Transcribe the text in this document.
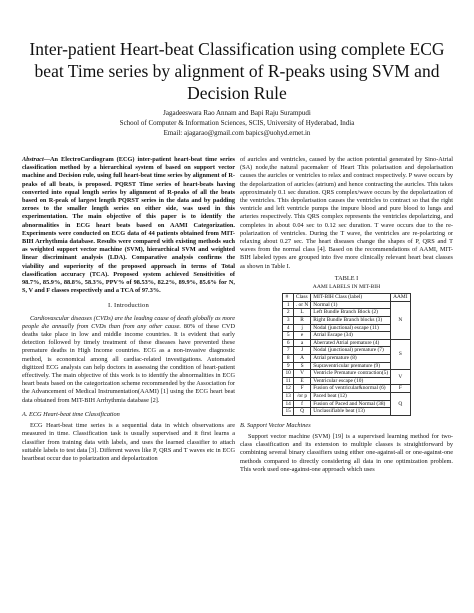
Inter-patient Heart-beat Classification using complete ECG beat Time series by alignment of R-peaks using SVM and Decision Rule
Jagadeeswara Rao Annam and Bapi Raju Surampudi
School of Computer & Information Sciences, SCIS, University of Hyderabad, India
Email: ajagarao@gmail.com bapics@uohyd.ernet.in

Abstract—An ElectroCardiogram (ECG) inter-patient heart-beat time series classification method by a hierarchical system of based on support vector machine and Decision rule, using full heart-beat time series by alignment of R-peaks of all beats, is proposed. PQRST Time series of heart-beats having converted into equal length series by alignment of R-peaks of all the beats based on R-peak of largest length PQRST series in the data and by padding zeroes to the smaller length series on either side, was used in this experimentation. The main objective of this paper is to identify the abnormalities in ECG heart beats based on AAMI Categorization. Experiments were conducted on ECG data of 44 patients obtained from MIT-BIH Arrhythmia database. Results were compared with existing methods such as weighted support vector machine (SVM), hierarchical SVM and weighted linear discriminant analysis (LDA). Comparative analysis confirms the viability and superiority of the proposed approach in terms of Total classification accuracy (TCA). Proposed system achieved Sensitivities of 98.7%, 85.9%, 88.8%, 58.3%, PPV% of 98.53%, 82.2%, 89.9%, 85.6% for N, S, V and F classes respectively and a TCA of 97.3%.

I. Introduction

Cardiovascular diseases (CVDs) are the leading cause of death globally as more people die annually from CVDs than from any other cause. 80% of these CVD deaths take place in low and middle income countries. It is evident that early detection followed by timely treatment of these diseases have prevented these premature deaths in High Income countries. ECG as a non-invasive diagnostic method, is economical among all cardiac-related investigations. Automated digitized ECG analysis can help doctors in assessing the condition of heart-patient effectively. The main objective of this work is to identify the abnormalities in ECG heart beats based on the categorization scheme recommended by the Association for the Advancement of Medical Instrumentation(AAMI) [1] using the ECG heart beat data obtained from MIT-BIH Arrhythmia database [2].

A. ECG Heart-beat time Classification

ECG Heart-beat time series is a sequential data in which observations are measured in time. Classification task is usually supervised and it first learns a classifier from training data with labels, and uses the learned classifier to attach suitable labels to test data [3]. Different waves like P, QRS and T waves etc in ECG heartbeat occur due to polarization and depolarization

of auricles and ventricles, caused by the action potential generated by Sino-Atrial (SA) node,the natural pacemaker of Heart This polarisation and depolarisation causes the auricles or ventricles to relax and contract respectively. P wave occurs by the depolarization of auricles (atrium) and hence contracting the auricles. This takes approximately 0.1 sec duration. QRS complex/wave occurs by the depolarization of the ventricles. This depolarisation causes the ventricles to contract so that the right ventricle and left ventricle pumps the impure blood and pure blood to lungs and arteries respectively. This QRS complex represents the ventricles depolarizing, and completes in about 0.04 sec to 0.12 sec duration. T wave occurs due to the re-polarization of ventricles. During the T wave, the ventricles are re-polarizing or relaxing about 0.27 sec. The heart diseases change the shapes of P, QRS and T waves from the normal class [4]. Based on the recommendations of AAMI, MIT-BIH labeled types are grouped into five more clinically relevant heart beat classes as shown in Table I.

TABLE I

AAMI LABELS IN MIT-BIH

#	Class	MIT-BIH Class (label)	AAMI
1	. or N	Normal (1)	N
2	L	Left Bundle Branch Block (2)	
3	R	Right Bundle Branch blocks (3)	
4	j	Nodal (junctional) escape (11)	
5	e	Atrial Escape (34)	
6	a	Aberrated Atrial premature (4)	S
7	J	Nodal (junctional) premature (7)	
8	A	Atrial premature (8)	
9	S	Supraventricular premature (9)	
10	V	Ventricle Premature contraction(5)	V
11	E	Ventricular escape (10)	
12	F	Fusion of ventricular&normal (6)	F
13	/or p	Paced beat (12)	Q
14	f	Fusion of Paced and Normal (38)	
15	Q	Unclassifiable beat (13)	

B. Support Vector Machines

Support vector machine (SVM) [19] is a supervised learning method for two-class classification and its extension to multiple classes is straightforward by combining several binary classifiers using either one-against-all or one-against-one methods compared to directly considering all data in one optimization problem. This work used one-against-one approach which uses
